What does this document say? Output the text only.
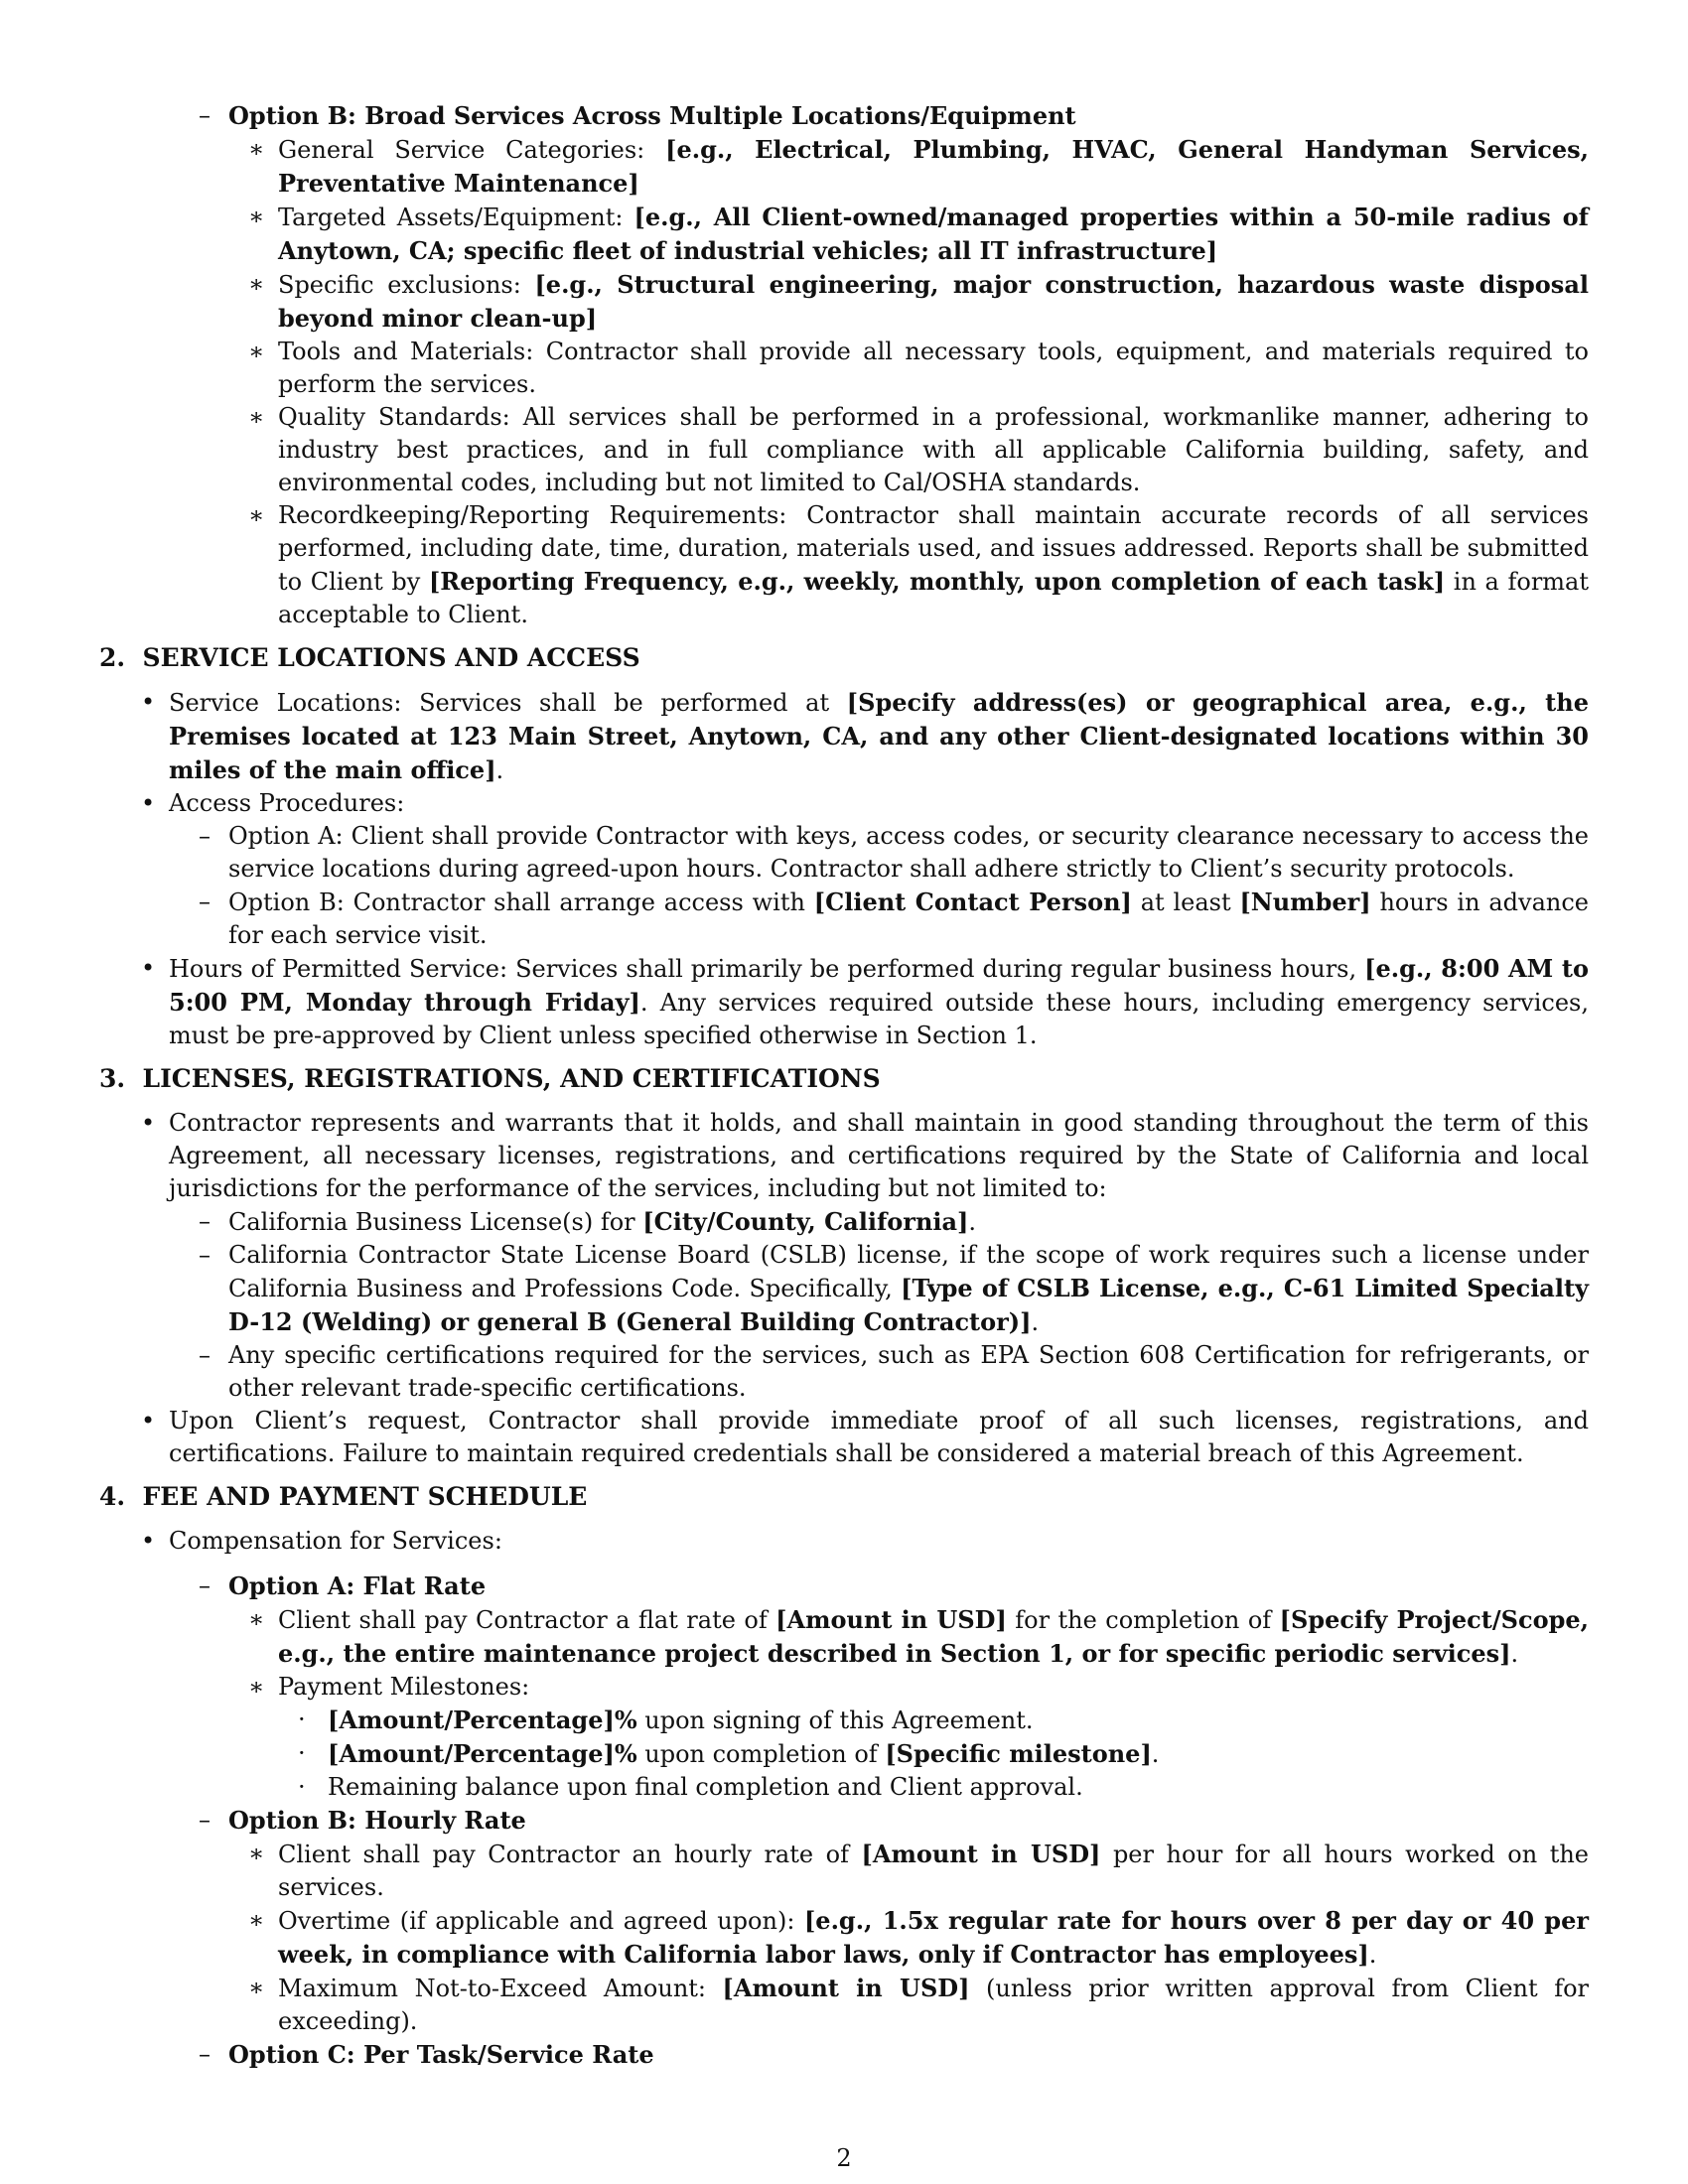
– Option B: Broad Services Across Multiple Locations/Equipment
∗ General Service Categories: [e.g., Electrical, Plumbing, HVAC, General Handyman Services, Preventative Maintenance]
∗ Targeted Assets/Equipment: [e.g., All Client-owned/managed properties within a 50-mile radius of Anytown, CA; specific fleet of industrial vehicles; all IT infrastructure]
∗ Specific exclusions: [e.g., Structural engineering, major construction, hazardous waste disposal beyond minor clean-up]
∗ Tools and Materials: Contractor shall provide all necessary tools, equipment, and materials required to perform the services.
∗ Quality Standards: All services shall be performed in a professional, workmanlike manner, adhering to industry best practices, and in full compliance with all applicable California building, safety, and environmental codes, including but not limited to Cal/OSHA standards.
∗ Recordkeeping/Reporting Requirements: Contractor shall maintain accurate records of all services performed, including date, time, duration, materials used, and issues addressed. Reports shall be submitted to Client by [Reporting Frequency, e.g., weekly, monthly, upon completion of each task] in a format acceptable to Client.
2. SERVICE LOCATIONS AND ACCESS
• Service Locations: Services shall be performed at [Specify address(es) or geographical area, e.g., the Premises located at 123 Main Street, Anytown, CA, and any other Client-designated locations within 30 miles of the main office].
• Access Procedures:
– Option A: Client shall provide Contractor with keys, access codes, or security clearance necessary to access the service locations during agreed-upon hours. Contractor shall adhere strictly to Client’s security protocols.
– Option B: Contractor shall arrange access with [Client Contact Person] at least [Number] hours in advance for each service visit.
• Hours of Permitted Service: Services shall primarily be performed during regular business hours, [e.g., 8:00 AM to 5:00 PM, Monday through Friday]. Any services required outside these hours, including emergency services, must be pre-approved by Client unless specified otherwise in Section 1.
3. LICENSES, REGISTRATIONS, AND CERTIFICATIONS
• Contractor represents and warrants that it holds, and shall maintain in good standing throughout the term of this Agreement, all necessary licenses, registrations, and certifications required by the State of California and local jurisdictions for the performance of the services, including but not limited to:
– California Business License(s) for [City/County, California].
– California Contractor State License Board (CSLB) license, if the scope of work requires such a license under California Business and Professions Code. Specifically, [Type of CSLB License, e.g., C-61 Limited Specialty D-12 (Welding) or general B (General Building Contractor)].
– Any specific certifications required for the services, such as EPA Section 608 Certification for refrigerants, or other relevant trade-specific certifications.
• Upon Client’s request, Contractor shall provide immediate proof of all such licenses, registrations, and certifications. Failure to maintain required credentials shall be considered a material breach of this Agreement.
4. FEE AND PAYMENT SCHEDULE
• Compensation for Services:
– Option A: Flat Rate
∗ Client shall pay Contractor a flat rate of [Amount in USD] for the completion of [Specify Project/Scope, e.g., the entire maintenance project described in Section 1, or for specific periodic services].
∗ Payment Milestones:
· [Amount/Percentage]% upon signing of this Agreement.
· [Amount/Percentage]% upon completion of [Specific milestone].
· Remaining balance upon final completion and Client approval.
– Option B: Hourly Rate
∗ Client shall pay Contractor an hourly rate of [Amount in USD] per hour for all hours worked on the services.
∗ Overtime (if applicable and agreed upon): [e.g., 1.5x regular rate for hours over 8 per day or 40 per week, in compliance with California labor laws, only if Contractor has employees].
∗ Maximum Not-to-Exceed Amount: [Amount in USD] (unless prior written approval from Client for exceeding).
– Option C: Per Task/Service Rate
2
